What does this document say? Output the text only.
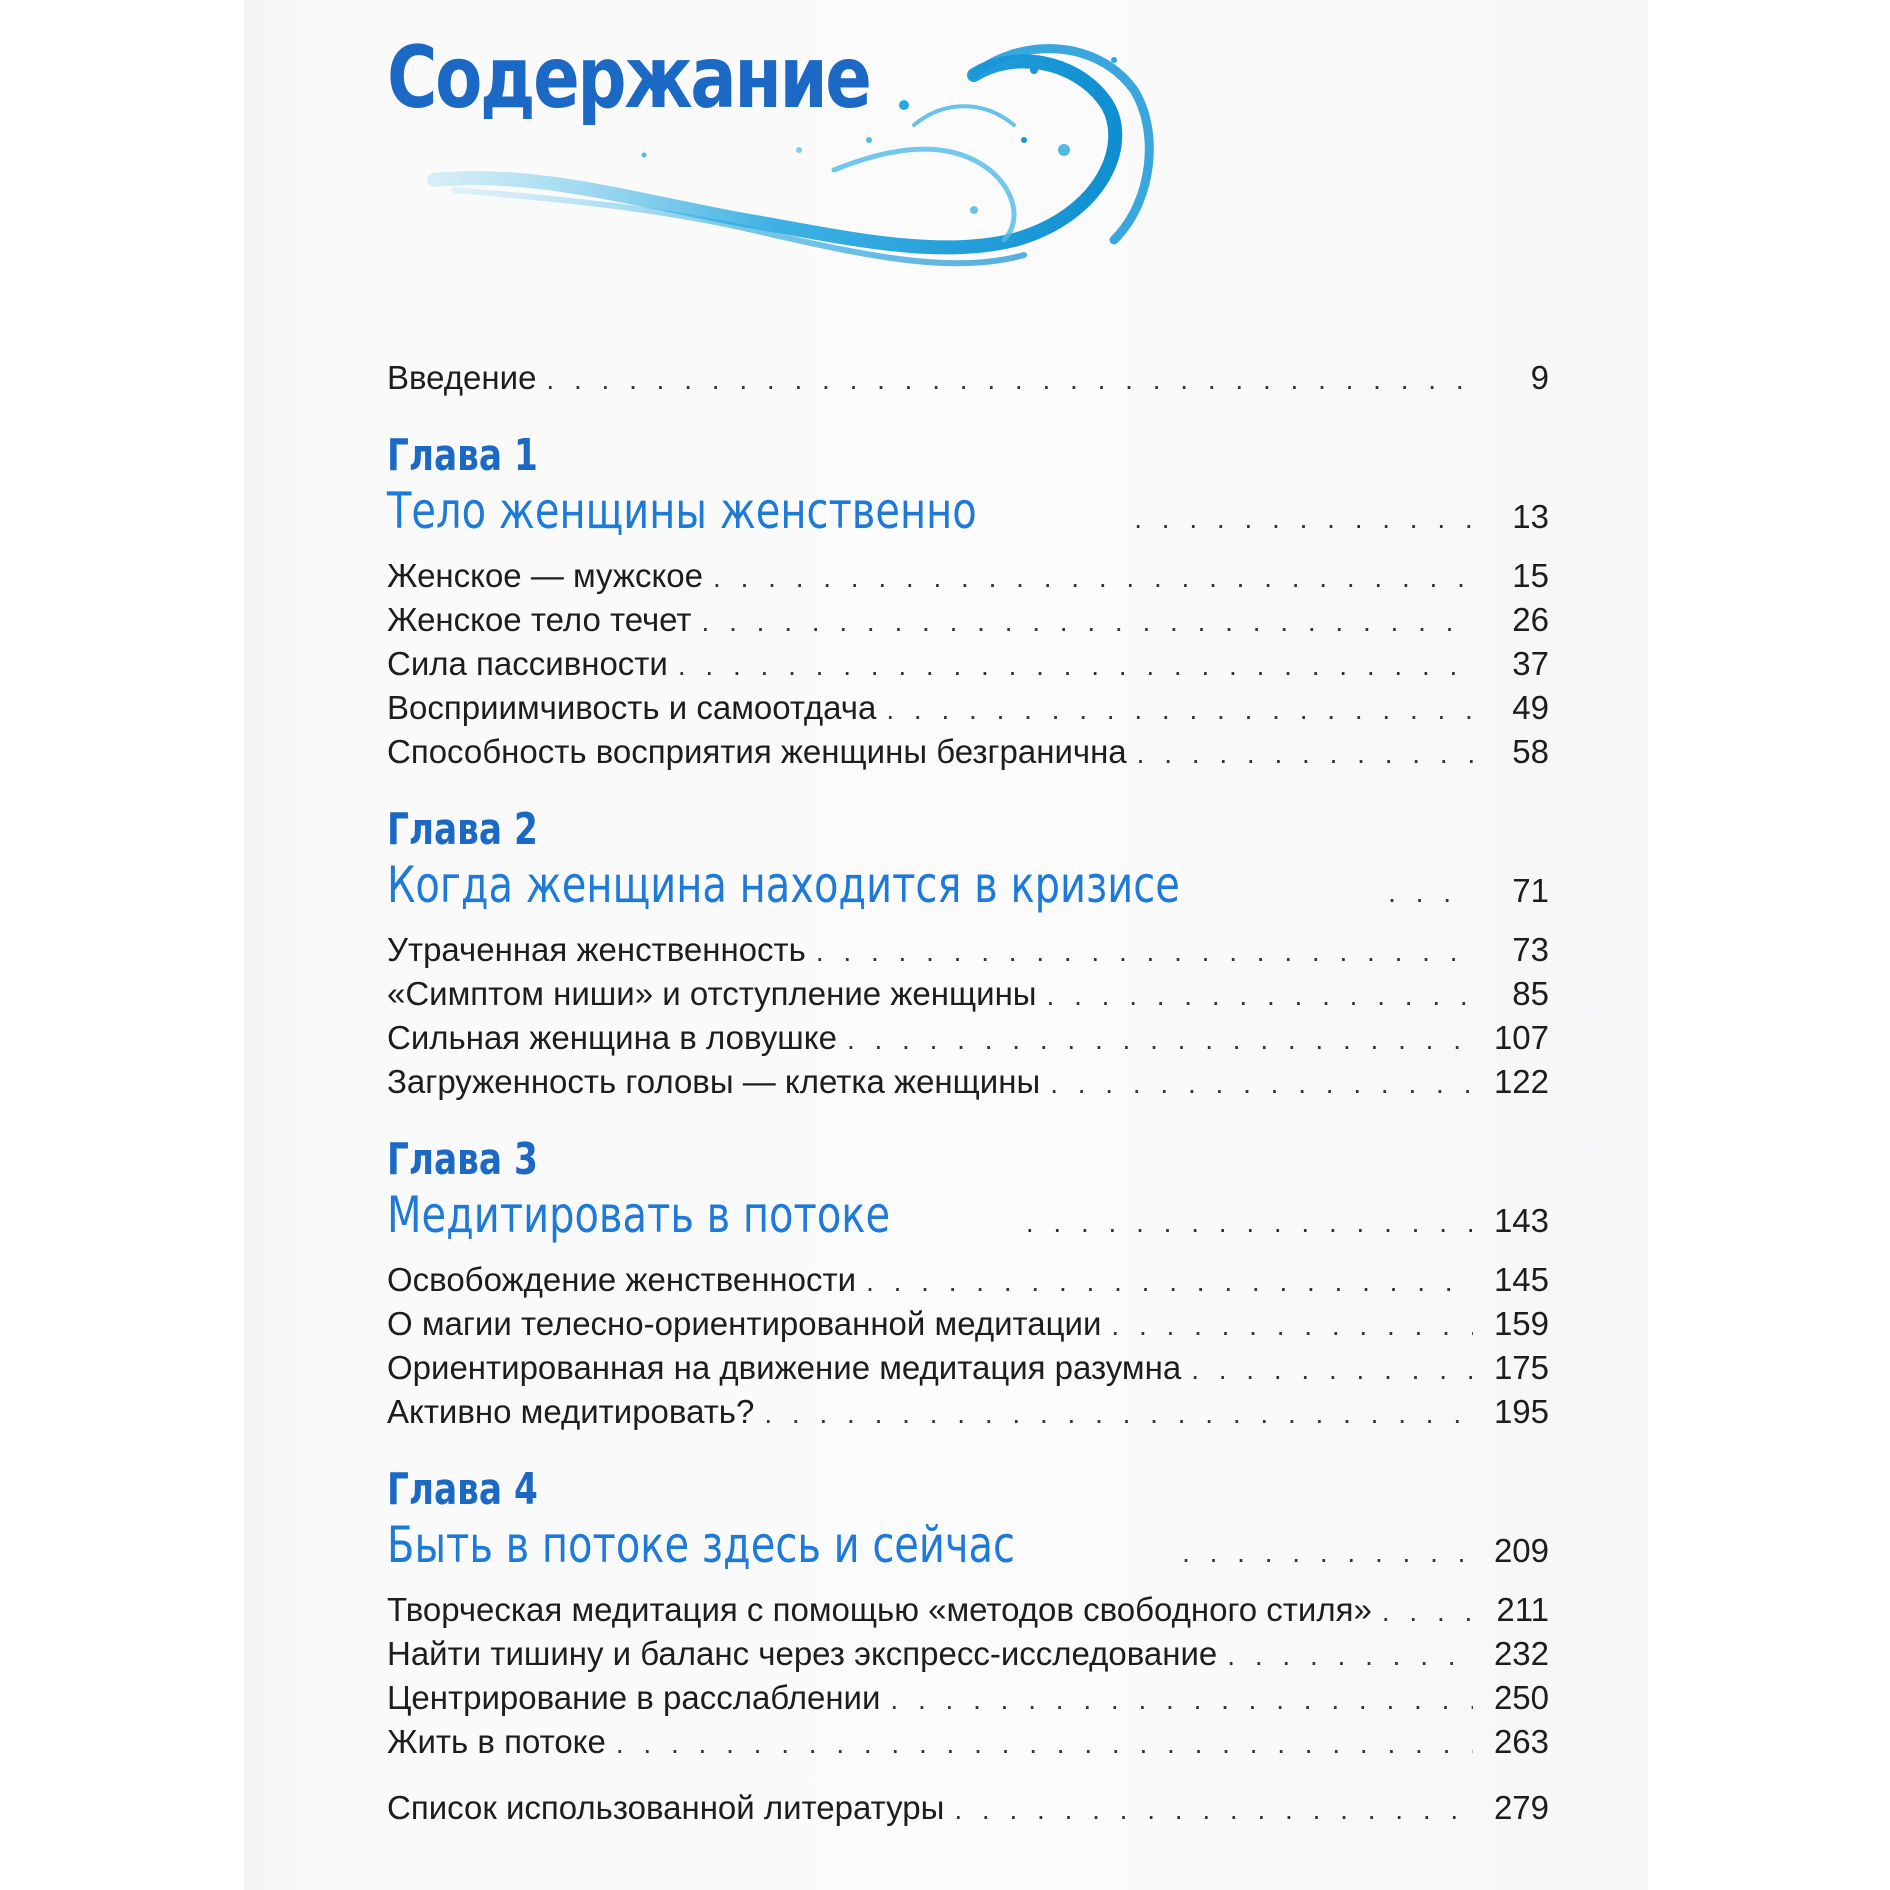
Содержание
Введение . . .	9
Глава 1
Тело женщины женственно . . .	13
Женское — мужское . . .	15
Женское тело течет . . .	26
Сила пассивности . . .	37
Восприимчивость и самоотдача . . .	49
Способность восприятия женщины безгранична . . .	58
Глава 2
Когда женщина находится в кризисе . . .	71
Утраченная женственность . . .	73
«Симптом ниши» и отступление женщины . . .	85
Сильная женщина в ловушке . . .	107
Загруженность головы — клетка женщины . . .	122
Глава 3
Медитировать в потоке . . .	143
Освобождение женственности . . .	145
О магии телесно-ориентированной медитации . . .	159
Ориентированная на движение медитация разумна . . .	175
Активно медитировать? . . .	195
Глава 4
Быть в потоке здесь и сейчас . . .	209
Творческая медитация с помощью «методов свободного стиля» . . .	211
Найти тишину и баланс через экспресс-исследование . . .	232
Центрирование в расслаблении . . .	250
Жить в потоке . . .	263
Список использованной литературы . . .	279
